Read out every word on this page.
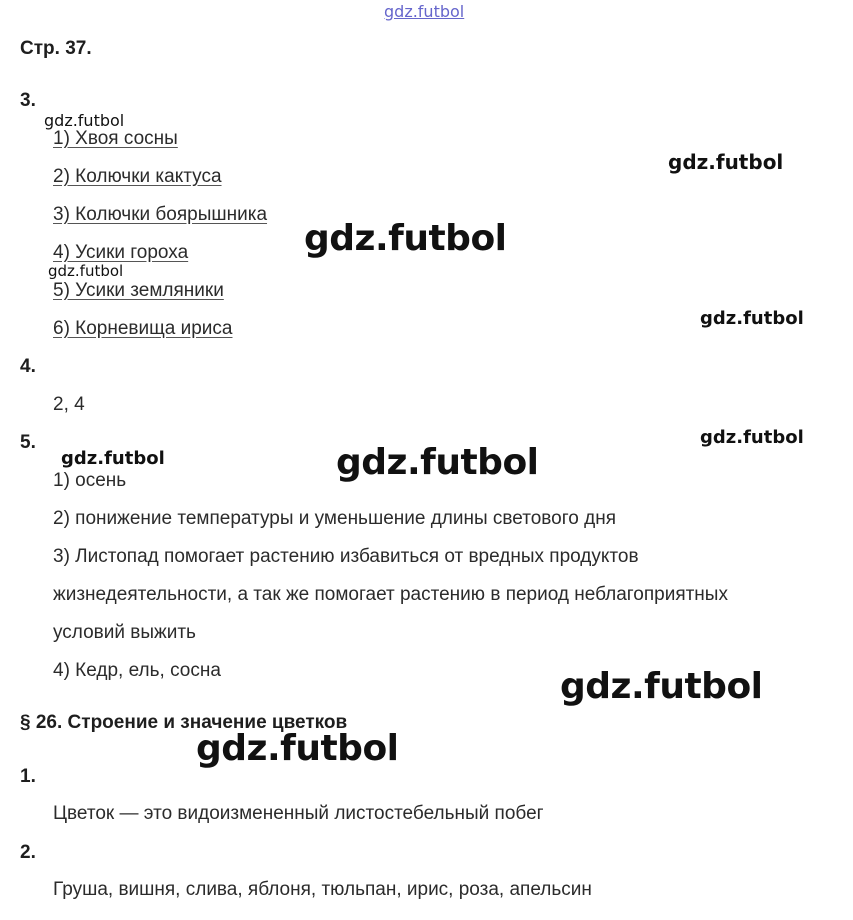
gdz.futbol
Стр. 37.
3.
1) Хвоя сосны
2) Колючки кактуса
3) Колючки боярышника
4) Усики гороха
5) Усики земляники
6) Корневища ириса
4.
2, 4
5.
1) осень
2) понижение температуры и уменьшение длины светового дня
3) Листопад помогает растению избавиться от вредных продуктов
жизнедеятельности, а так же помогает растению в период неблагоприятных
условий выжить
4) Кедр, ель, сосна
§ 26. Строение и значение цветков
1.
Цветок — это видоизмененный листостебельный побег
2.
Груша, вишня, слива, яблоня, тюльпан, ирис, роза, апельсин
gdz.futbol
gdz.futbol
gdz.futbol
gdz.futbol
gdz.futbol
gdz.futbol
gdz.futbol	gdz.futbol
gdz.futbol
gdz.futbol
